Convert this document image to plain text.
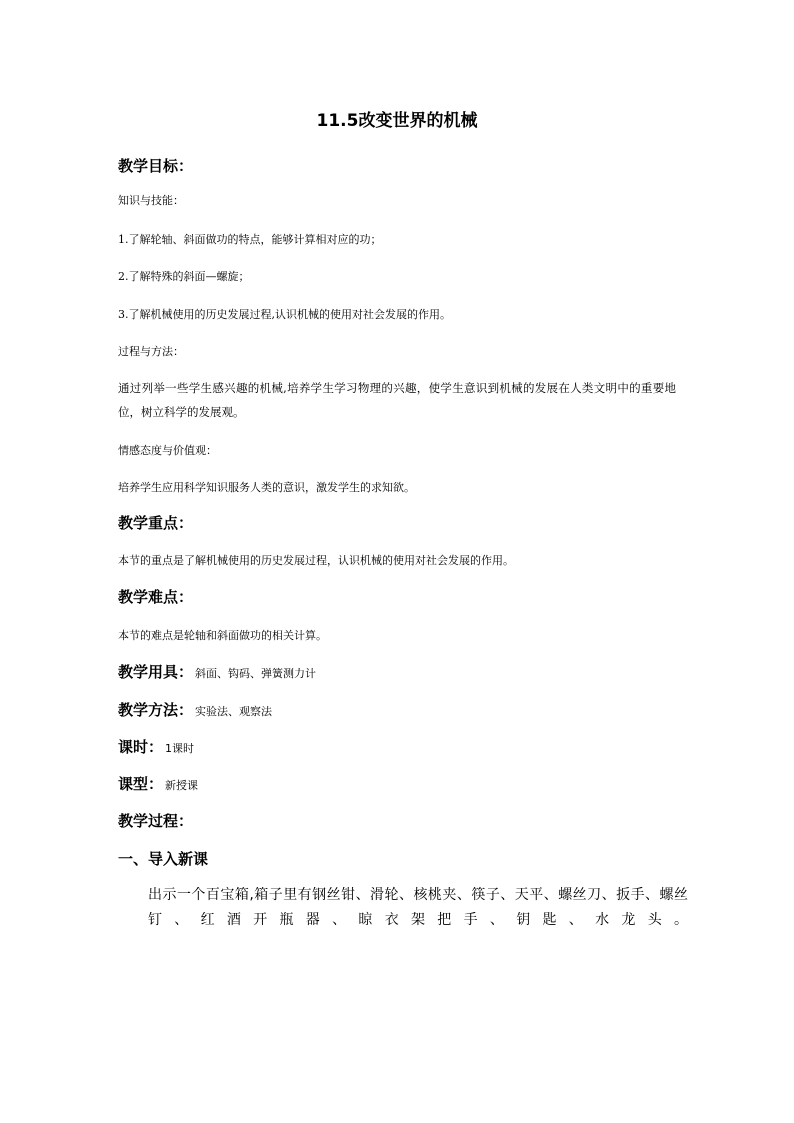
11.5改变世界的机械
教学目标：
知识与技能：
1.了解轮轴、斜面做功的特点，能够计算相对应的功；
2.了解特殊的斜面—螺旋；
3.了解机械使用的历史发展过程,认识机械的使用对社会发展的作用。
过程与方法：
通过列举一些学生感兴趣的机械,培养学生学习物理的兴趣，使学生意识到机械的发展在人类文明中的重要地位，树立科学的发展观。
情感态度与价值观：
培养学生应用科学知识服务人类的意识，激发学生的求知欲。
教学重点：
本节的重点是了解机械使用的历史发展过程，认识机械的使用对社会发展的作用。
教学难点：
本节的难点是轮轴和斜面做功的相关计算。
教学用具： 斜面、钩码、弹簧测力计
教学方法： 实验法、观察法
课时： 1课时
课型： 新授课
教学过程：
一、导入新课
出示一个百宝箱,箱子里有钢丝钳、滑轮、核桃夹、筷子、天平、螺丝刀、扳手、螺丝
钉、红酒开瓶器、晾衣架把手、钥匙、水龙头。
